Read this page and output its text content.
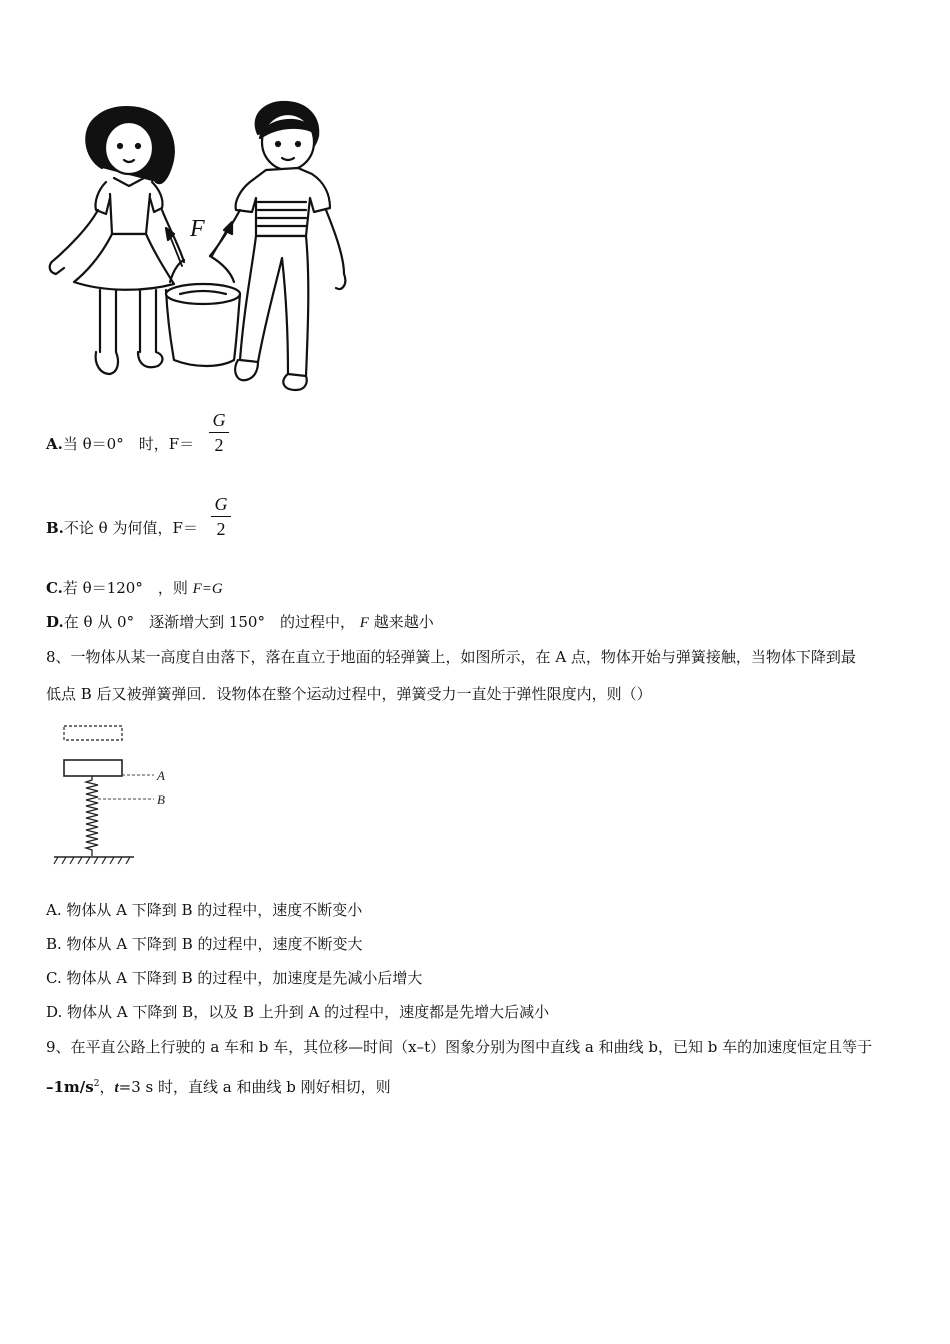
F
A.当 θ＝0°　时，F＝
G
2
B.不论 θ 为何值，F＝
G
2
C.若 θ＝120°　，则 F=G
D.在 θ 从 0°　逐渐增大到 150°　的过程中， F 越来越小
8、一物体从某一高度自由落下，落在直立于地面的轻弹簧上，如图所示，在 A 点，物体开始与弹簧接触，当物体下降到最
低点 B 后又被弹簧弹回．设物体在整个运动过程中，弹簧受力一直处于弹性限度内，则（）
A
B
A. 物体从 A 下降到 B 的过程中，速度不断变小
B. 物体从 A 下降到 B 的过程中，速度不断变大
C. 物体从 A 下降到 B 的过程中，加速度是先减小后增大
D. 物体从 A 下降到 B，以及 B 上升到 A 的过程中，速度都是先增大后减小
9、在平直公路上行驶的 a 车和 b 车，其位移—时间（x–t）图象分别为图中直线 a 和曲线 b，已知 b 车的加速度恒定且等于
$-1m/s^2$，t=3 s 时，直线 a 和曲线 b 刚好相切，则
